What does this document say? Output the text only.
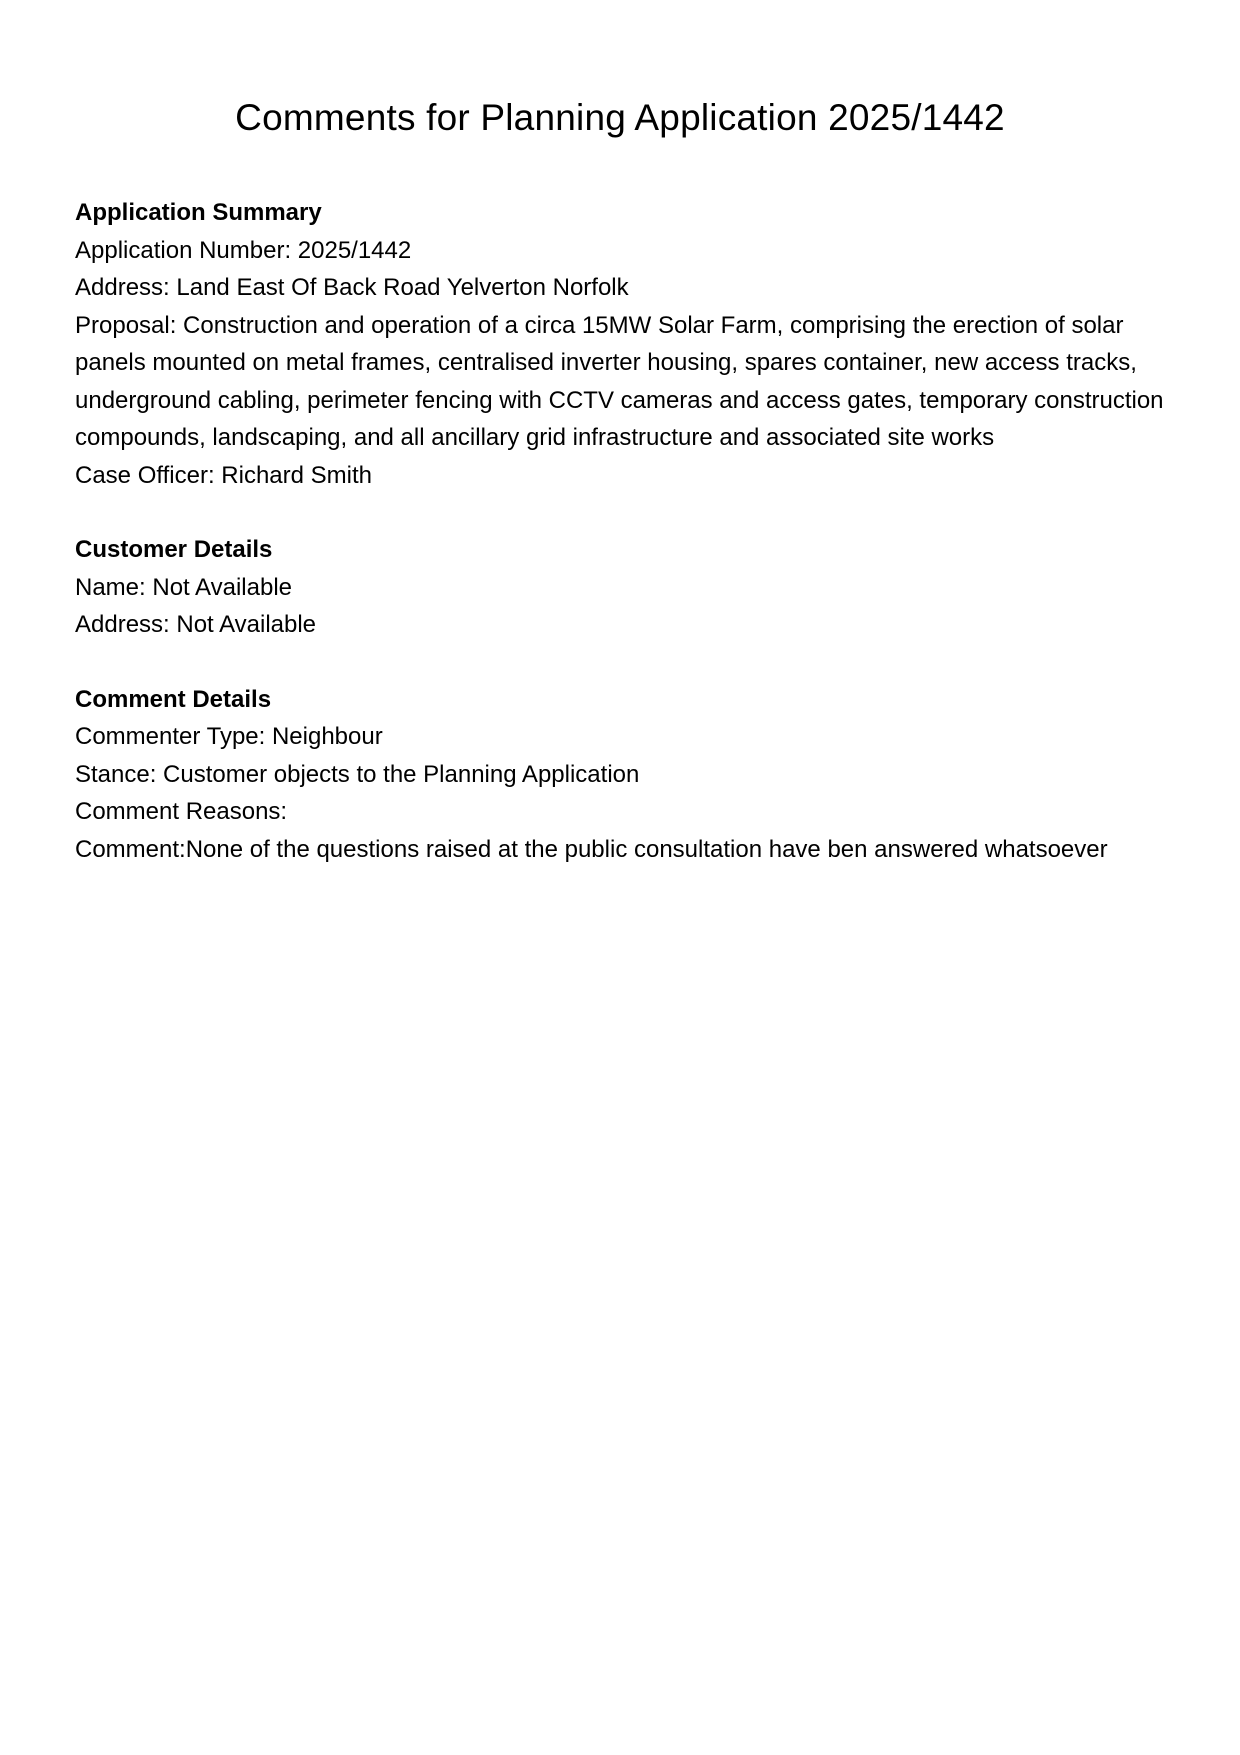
Comments for Planning Application 2025/1442

Application Summary

Application Number: 2025/1442

Address: Land East Of Back Road Yelverton Norfolk

Proposal: Construction and operation of a circa 15MW Solar Farm, comprising the erection of solar panels mounted on metal frames, centralised inverter housing, spares container, new access tracks, underground cabling, perimeter fencing with CCTV cameras and access gates, temporary construction compounds, landscaping, and all ancillary grid infrastructure and associated site works

Case Officer: Richard Smith

Customer Details

Name: Not Available

Address: Not Available

Comment Details

Commenter Type: Neighbour

Stance: Customer objects to the Planning Application

Comment Reasons:

Comment:None of the questions raised at the public consultation have ben answered whatsoever
